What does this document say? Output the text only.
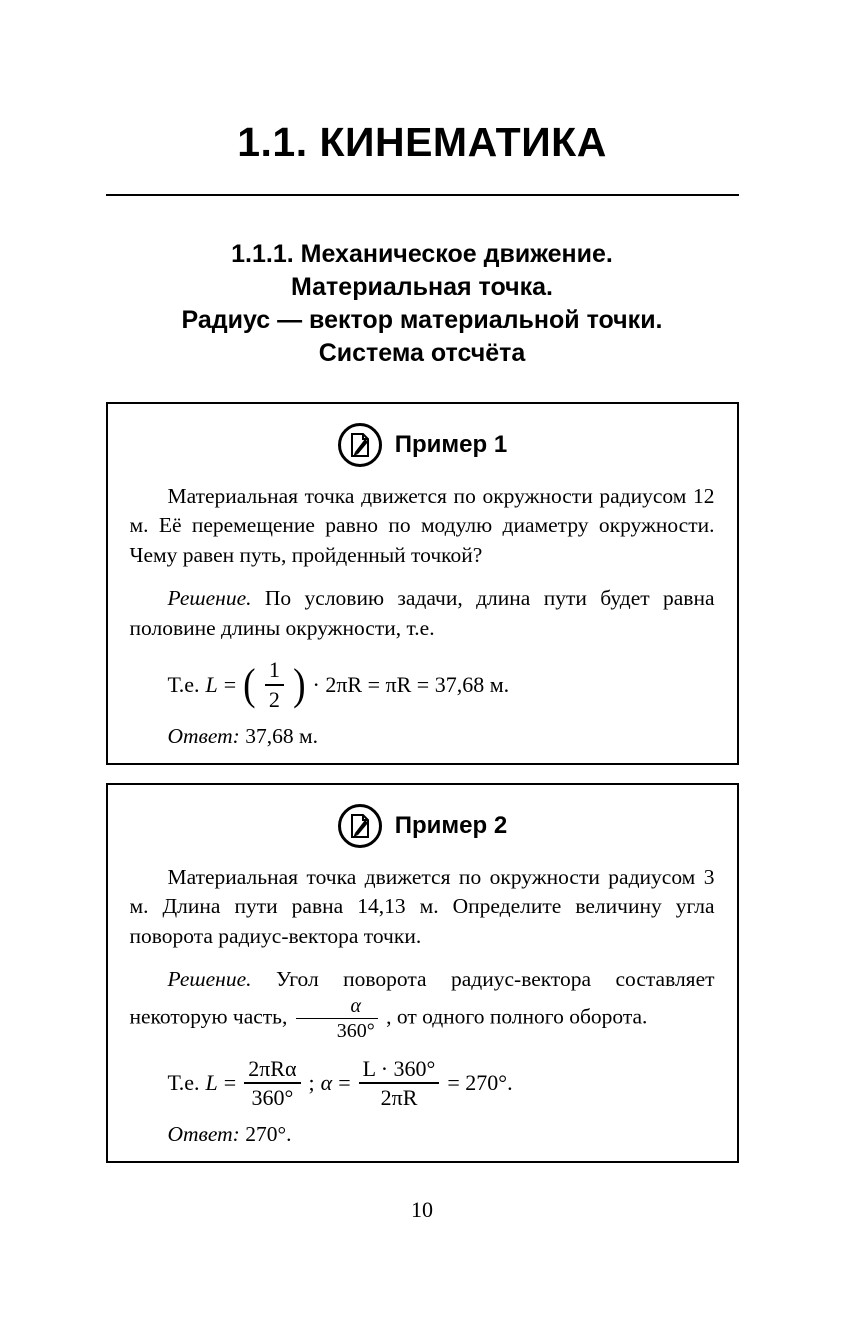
1.1. КИНЕМАТИКА
1.1.1. Механическое движение.
Материальная точка.
Радиус — вектор материальной точки.
Система отсчёта
Пример 1

Материальная точка движется по окружности радиусом 12 м. Её перемещение равно по модулю диаметру окружности. Чему равен путь, пройденный точкой?

Решение. По условию задачи, длина пути будет равна половине длины окружности, т.е.

Т.е. L = ( $\frac{1}{2}$ ) · 2πR = πR = 37,68 м.

Ответ: 37,68 м.

Пример 2

Материальная точка движется по окружности радиусом 3 м. Длина пути равна 14,13 м. Определите величину угла поворота радиус-вектора точки.

Решение. Угол поворота радиус-вектора составляет некоторую часть, $\frac{\alpha}{360^\circ}$ , от одного полного оборота.

Т.е. $L = \frac{\text{2πRα}}{360^\circ}$ ; $\alpha = \frac{L \cdot 360^\circ}{2\pi R} = 270^\circ$.

Ответ: 270°.

10
